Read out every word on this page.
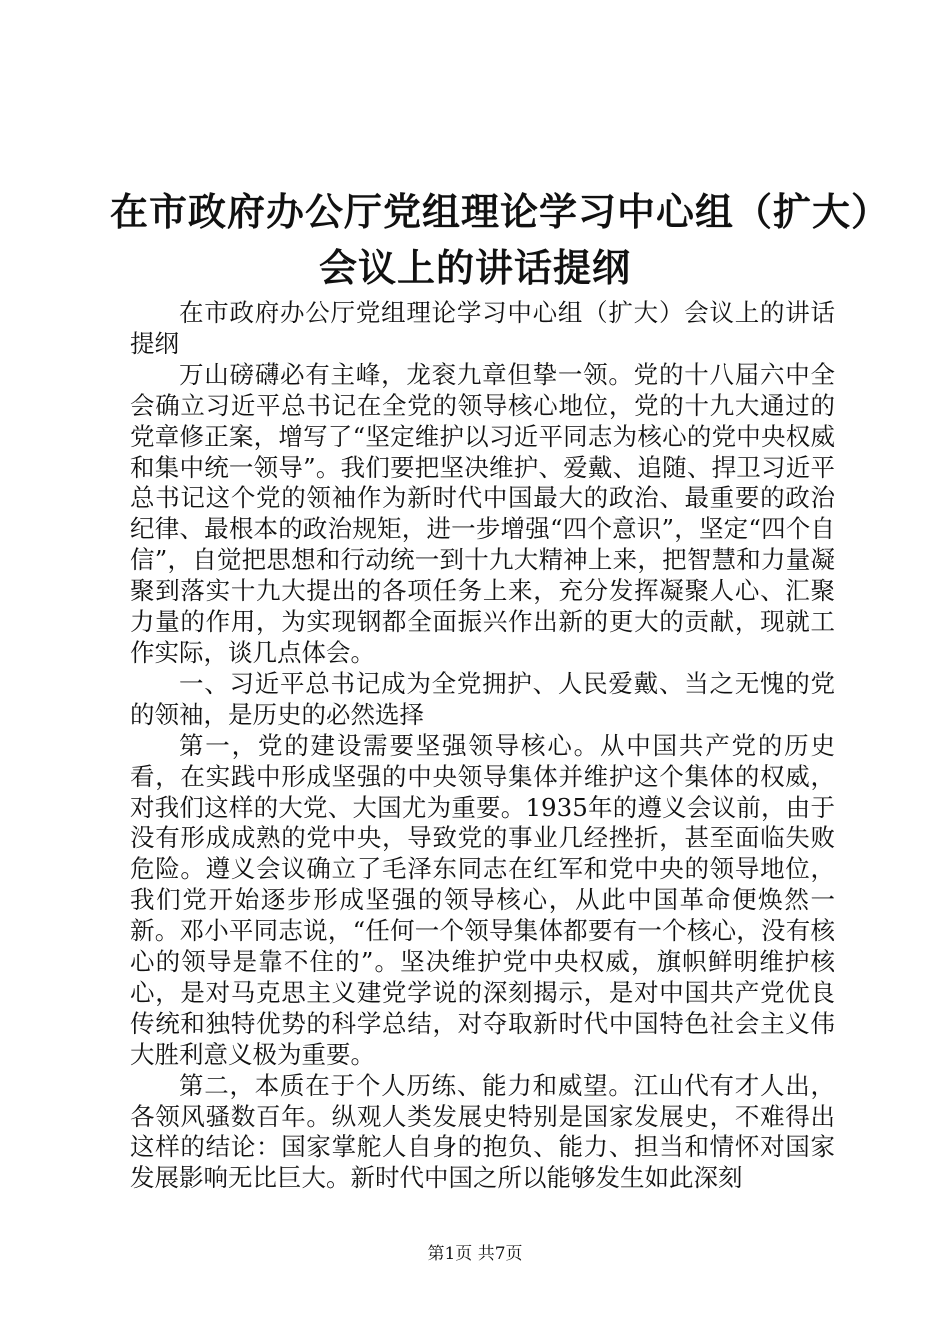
在市政府办公厅党组理论学习中心组（扩大）
会议上的讲话提纲

在市政府办公厅党组理论学习中心组（扩大）会议上的讲话提纲

万山磅礴必有主峰，龙衮九章但挚一领。党的十八届六中全会确立习近平总书记在全党的领导核心地位，党的十九大通过的党章修正案，增写了“坚定维护以习近平同志为核心的党中央权威和集中统一领导”。我们要把坚决维护、爱戴、追随、捍卫习近平总书记这个党的领袖作为新时代中国最大的政治、最重要的政治纪律、最根本的政治规矩，进一步增强“四个意识”，坚定“四个自信”，自觉把思想和行动统一到十九大精神上来，把智慧和力量凝聚到落实十九大提出的各项任务上来，充分发挥凝聚人心、汇聚力量的作用，为实现钢都全面振兴作出新的更大的贡献，现就工作实际，谈几点体会。

一、习近平总书记成为全党拥护、人民爱戴、当之无愧的党的领袖，是历史的必然选择

第一，党的建设需要坚强领导核心。从中国共产党的历史看，在实践中形成坚强的中央领导集体并维护这个集体的权威，对我们这样的大党、大国尤为重要。1935年的遵义会议前，由于没有形成成熟的党中央，导致党的事业几经挫折，甚至面临失败危险。遵义会议确立了毛泽东同志在红军和党中央的领导地位，我们党开始逐步形成坚强的领导核心，从此中国革命便焕然一新。邓小平同志说，“任何一个领导集体都要有一个核心，没有核心的领导是靠不住的”。坚决维护党中央权威，旗帜鲜明维护核心，是对马克思主义建党学说的深刻揭示，是对中国共产党优良传统和独特优势的科学总结，对夺取新时代中国特色社会主义伟大胜利意义极为重要。

第二，本质在于个人历练、能力和威望。江山代有才人出，各领风骚数百年。纵观人类发展史特别是国家发展史，不难得出这样的结论：国家掌舵人自身的抱负、能力、担当和情怀对国家发展影响无比巨大。新时代中国之所以能够发生如此深刻

第1页 共7页
